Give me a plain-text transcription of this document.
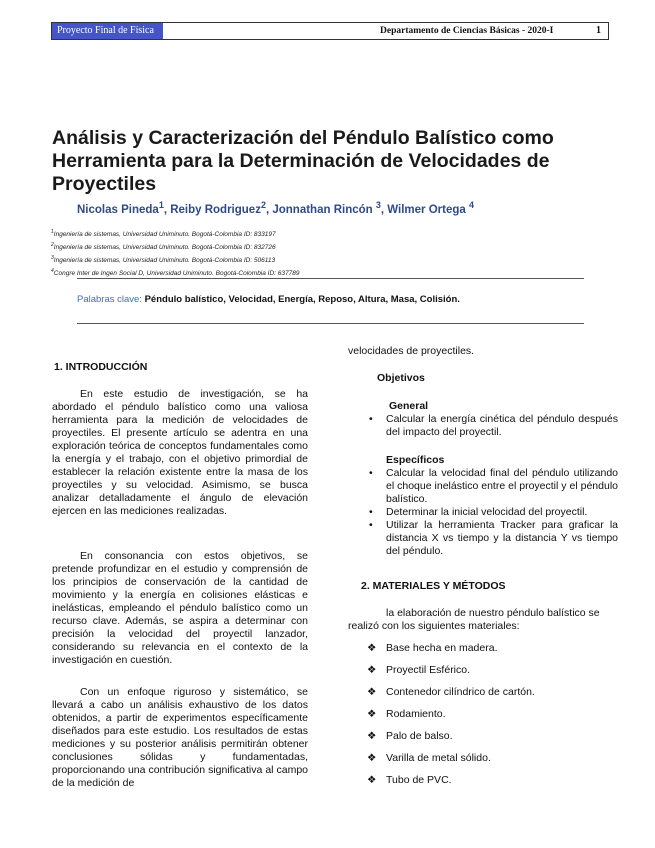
Proyecto Final de Física	Departamento de Ciencias Básicas - 2020-I	1
Análisis y Caracterización del Péndulo Balístico como Herramienta para la Determinación de Velocidades de Proyectiles
Nicolas Pineda$^1$, Reiby Rodriguez$^2$, Jonnathan Rincón $^3$, Wilmer Ortega $^4$
$^1$Ingeniería de sistemas, Universidad Uniminuto. Bogotá-Colombia ID: 833197
$^2$Ingeniería de sistemas, Universidad Uniminuto. Bogotá-Colombia ID: 832726
$^3$Ingeniería de sistemas, Universidad Uniminuto. Bogotá-Colombia ID: 506113
$^4$Congre Inter de Ingen Social D, Universidad Uniminuto. Bogotá-Colombia ID: 637789
Palabras clave: Péndulo balístico, Velocidad, Energía, Reposo, Altura, Masa, Colisión.
1. INTRODUCCIÓN
En este estudio de investigación, se ha abordado el péndulo balístico como una valiosa herramienta para la medición de velocidades de proyectiles. El presente artículo se adentra en una exploración teórica de conceptos fundamentales como la energía y el trabajo, con el objetivo primordial de establecer la relación existente entre la masa de los proyectiles y su velocidad. Asimismo, se busca analizar detalladamente el ángulo de elevación ejercen en las mediciones realizadas.
En consonancia con estos objetivos, se pretende profundizar en el estudio y comprensión de los principios de conservación de la cantidad de movimiento y la energía en colisiones elásticas e inelásticas, empleando el péndulo balístico como un recurso clave. Además, se aspira a determinar con precisión la velocidad del proyectil lanzador, considerando su relevancia en el contexto de la investigación en cuestión.
Con un enfoque riguroso y sistemático, se llevará a cabo un análisis exhaustivo de los datos obtenidos, a partir de experimentos específicamente diseñados para este estudio. Los resultados de estas mediciones y su posterior análisis permitirán obtener conclusiones sólidas y fundamentadas, proporcionando una contribución significativa al campo de la medición de
velocidades de proyectiles.
Objetivos
General
• Calcular la energía cinética del péndulo después del impacto del proyectil.
Específicos
• Calcular la velocidad final del péndulo utilizando el choque inelástico entre el proyectil y el péndulo balístico.
• Determinar la inicial velocidad del proyectil.
• Utilizar la herramienta Tracker para graficar la distancia X vs tiempo y la distancia Y vs tiempo del péndulo.
2. MATERIALES Y MÉTODOS
la elaboración de nuestro péndulo balístico se realizó con los siguientes materiales:
❖ Base hecha en madera.
❖ Proyectil Esférico.
❖ Contenedor cilíndrico de cartón.
❖ Rodamiento.
❖ Palo de balso.
❖ Varilla de metal sólido.
❖ Tubo de PVC.
